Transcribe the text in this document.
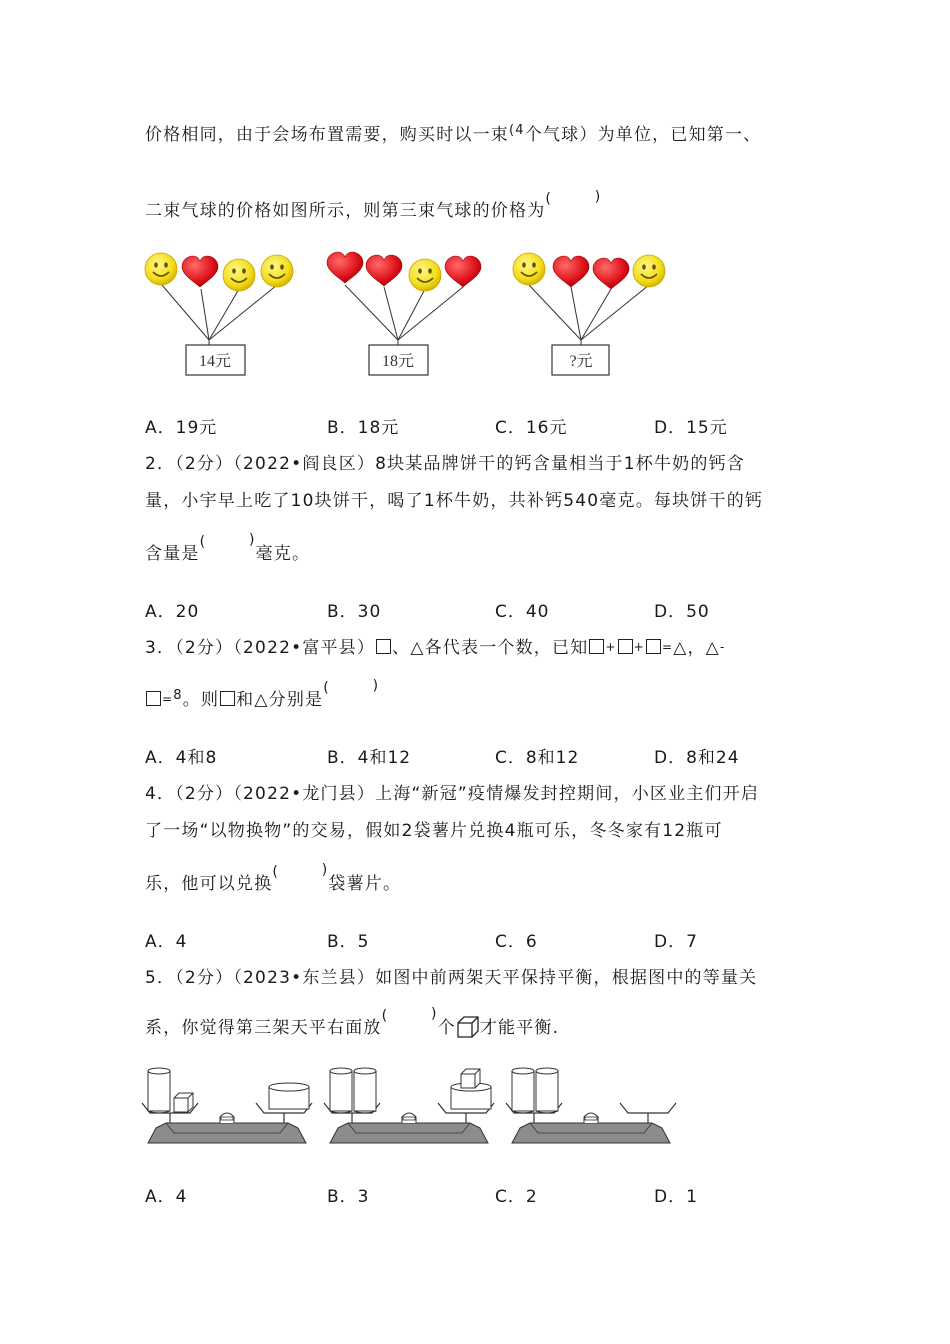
价格相同，由于会场布置需要，购买时以一束$^{(4}$个气球）为单位，已知第一、
二束气球的价格如图所示，则第三束气球的价格为( )
14元	18元	?元
A．19元	B．18元	C．16元	D．15元
2．（2分）（2022•阎良区）8块某品牌饼干的钙含量相当于1杯牛奶的钙含
量，小宇早上吃了10块饼干，喝了1杯牛奶，共补钙540毫克。每块饼干的钙
含量是 ( )	毫克。
A．20	B．30	C．40	D．50
3．（2分）（2022•富平县） 、△各代表一个数，已知 + + =△，△-
=$^8$。则 和△分别是( )
A．4和8	B．4和12	C．8和12	D．8和24
4．（2分）（2022•龙门县）上海“新冠”疫情爆发封控期间，小区业主们开启
了一场“以物换物”的交易，假如2袋薯片兑换4瓶可乐，冬冬家有12瓶可
乐，他可以兑换 ( )	袋薯片。
A．4	B．5	C．6	D．7
5．（2分）（2023•东兰县）如图中前两架天平保持平衡，根据图中的等量关
系，你觉得第三架天平右面放 ( )	个 才能平衡.
A．4	B．3	C．2	D．1
